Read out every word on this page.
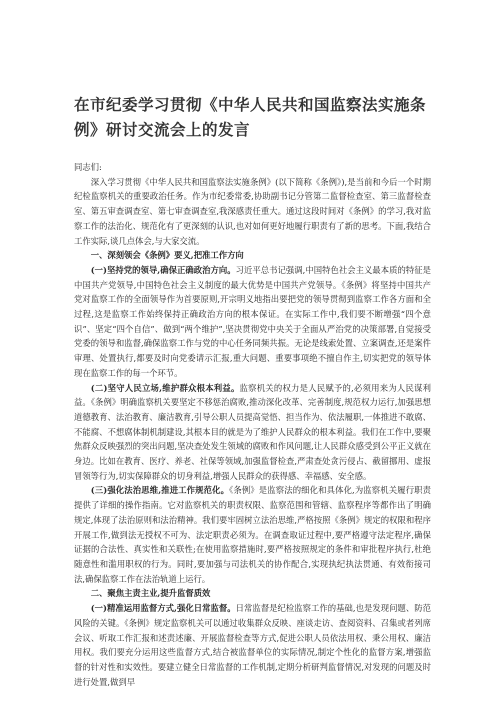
在市纪委学习贯彻《中华人民共和国监察法实施条例》研讨交流会上的发言

同志们:

深入学习贯彻《中华人民共和国监察法实施条例》(以下简称《条例》),是当前和今后一个时期纪检监察机关的重要政治任务。作为市纪委常委,协助副书记分管第二监督检查室、第三监督检查室、第五审查调查室、第七审查调查室,我深感责任重大。通过这段时间对《条例》的学习,我对监察工作的法治化、规范化有了更深刻的认识,也对如何更好地履行职责有了新的思考。下面,我结合工作实际,谈几点体会,与大家交流。

一、深刻领会《条例》要义,把准工作方向

(一)坚持党的领导,确保正确政治方向。习近平总书记强调,中国特色社会主义最本质的特征是中国共产党领导,中国特色社会主义制度的最大优势是中国共产党领导。《条例》将坚持中国共产党对监察工作的全面领导作为首要原则,开宗明义地指出要把党的领导贯彻到监察工作各方面和全过程,这是监察工作始终保持正确政治方向的根本保证。在实际工作中,我们要不断增强“四个意识”、坚定“四个自信”、做到“两个维护”,坚决贯彻党中央关于全面从严治党的决策部署,自觉接受党委的领导和监督,确保监察工作与党的中心任务同频共振。无论是线索处置、立案调查,还是案件审理、处置执行,都要及时向党委请示汇报,重大问题、重要事项绝不擅自作主,切实把党的领导体现在监察工作的每一个环节。

(二)坚守人民立场,维护群众根本利益。监察机关的权力是人民赋予的,必须用来为人民谋利益。《条例》明确监察机关要坚定不移惩治腐败,推动深化改革、完善制度,规范权力运行,加强思想道德教育、法治教育、廉洁教育,引导公职人员提高觉悟、担当作为、依法履职,一体推进不敢腐、不能腐、不想腐体制机制建设,其根本目的就是为了维护人民群众的根本利益。我们在工作中,要聚焦群众反映强烈的突出问题,坚决查处发生领域的腐败和作风问题,让人民群众感受到公平正义就在身边。比如在教育、医疗、养老、社保等领域,加强监督检查,严肃查处贪污侵占、截留挪用、虚报冒领等行为,切实保障群众的切身利益,增强人民群众的获得感、幸福感、安全感。

(三)强化法治思维,推进工作规范化。《条例》是监察法的细化和具体化,为监察机关履行职责提供了详细的操作指南。它对监察机关的职责权限、监察范围和管辖、监察程序等都作出了明确规定,体现了法治原则和法治精神。我们要牢固树立法治思维,严格按照《条例》规定的权限和程序开展工作,做到法无授权不可为、法定职责必须为。在调查取证过程中,要严格遵守法定程序,确保证据的合法性、真实性和关联性;在使用监察措施时,要严格按照规定的条件和审批程序执行,杜绝随意性和滥用职权的行为。同时,要加强与司法机关的协作配合,实现执纪执法贯通、有效衔接司法,确保监察工作在法治轨道上运行。

二、聚焦主责主业,提升监督质效

(一)精准运用监督方式,强化日常监督。日常监督是纪检监察工作的基础,也是发现问题、防范风险的关键。《条例》规定监察机关可以通过收集群众反映、座谈走访、查阅资料、召集或者列席会议、听取工作汇报和述责述廉、开展监督检查等方式,促进公职人员依法用权、秉公用权、廉洁用权。我们要充分运用这些监督方式,结合被监督单位的实际情况,制定个性化的监督方案,增强监督的针对性和实效性。要建立健全日常监督的工作机制,定期分析研判监督情况,对发现的问题及时进行处置,做到早
